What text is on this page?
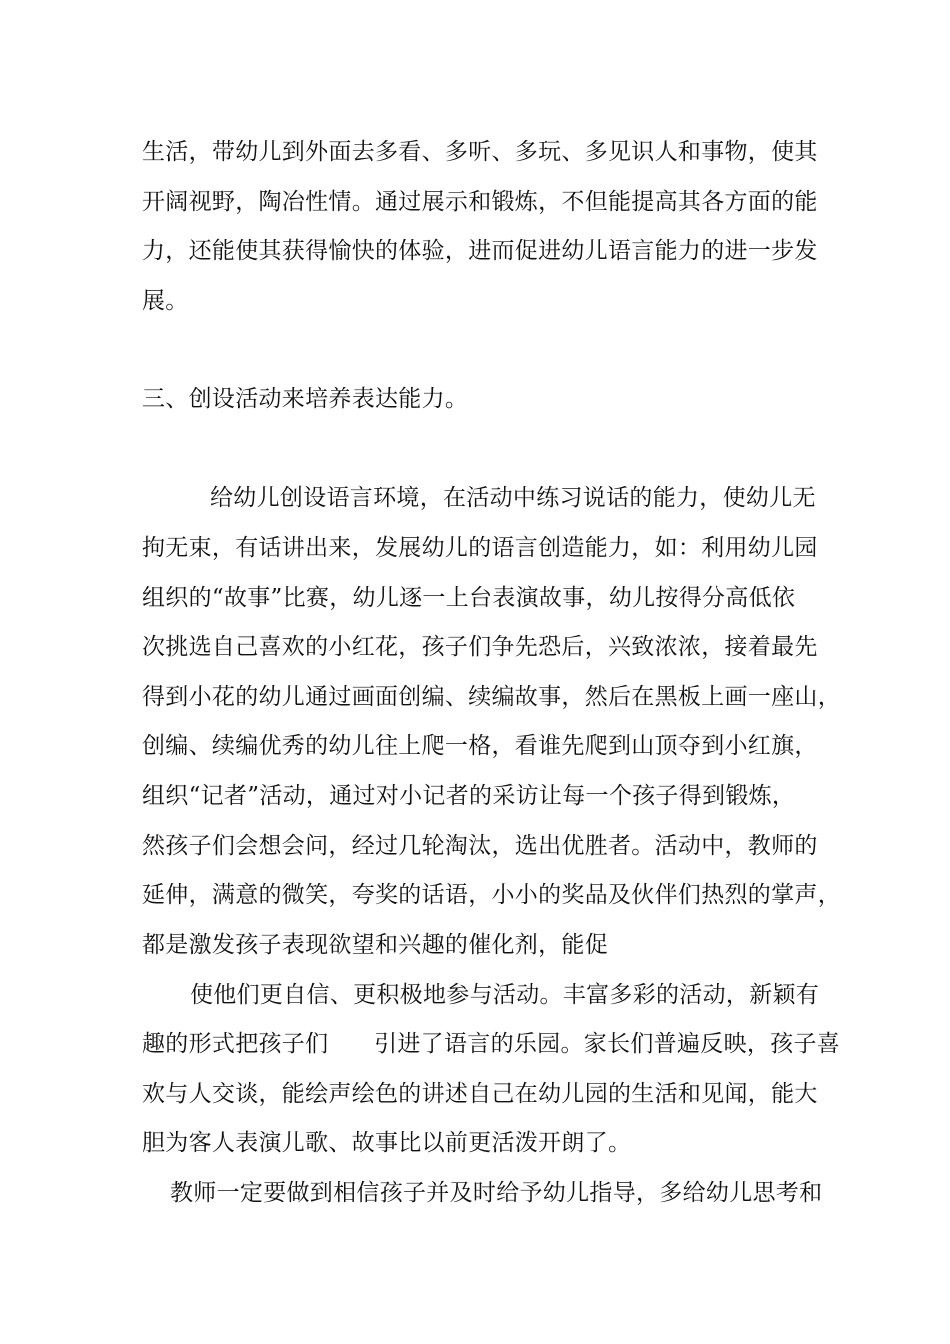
生活，带幼儿到外面去多看、多听、多玩、多见识人和事物，使其
开阔视野，陶冶性情。通过展示和锻炼，不但能提高其各方面的能
力，还能使其获得愉快的体验，进而促进幼儿语言能力的进一步发
展。
三、创设活动来培养表达能力。
给幼儿创设语言环境，在活动中练习说话的能力，使幼儿无
拘无束，有话讲出来，发展幼儿的语言创造能力，如：利用幼儿园
组织的“故事”比赛，幼儿逐一上台表演故事，幼儿按得分高低依
次挑选自己喜欢的小红花，孩子们争先恐后，兴致浓浓，接着最先
得到小花的幼儿通过画面创编、续编故事，然后在黑板上画一座山，
创编、续编优秀的幼儿往上爬一格，看谁先爬到山顶夺到小红旗，
组织“记者”活动，通过对小记者的采访让每一个孩子得到锻炼，
然孩子们会想会问，经过几轮淘汰，选出优胜者。活动中，教师的
延伸，满意的微笑，夸奖的话语，小小的奖品及伙伴们热烈的掌声，
都是激发孩子表现欲望和兴趣的催化剂，能促
使他们更自信、更积极地参与活动。丰富多彩的活动，新颖有
趣的形式把孩子们      引进了语言的乐园。家长们普遍反映，孩子喜
欢与人交谈，能绘声绘色的讲述自己在幼儿园的生活和见闻，能大
胆为客人表演儿歌、故事比以前更活泼开朗了。
教师一定要做到相信孩子并及时给予幼儿指导，多给幼儿思考和
